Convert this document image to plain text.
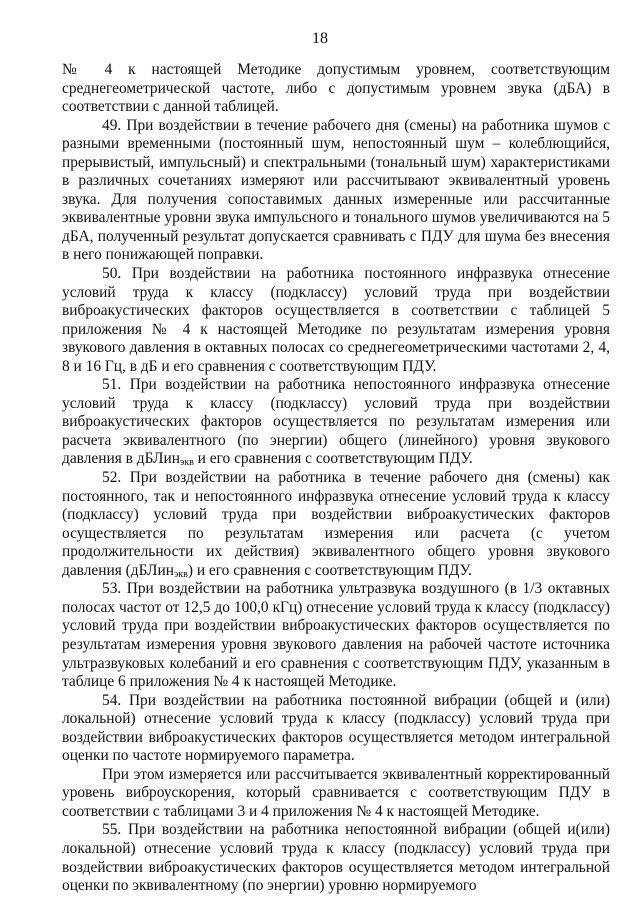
18

№ 4 к настоящей Методике допустимым уровнем, соответствующим среднегеометрической частоте, либо с допустимым уровнем звука (дБА) в соответствии с данной таблицей.

49. При воздействии в течение рабочего дня (смены) на работника шумов с разными временными (постоянный шум, непостоянный шум – колеблющийся, прерывистый, импульсный) и спектральными (тональный шум) характеристиками в различных сочетаниях измеряют или рассчитывают эквивалентный уровень звука. Для получения сопоставимых данных измеренные или рассчитанные эквивалентные уровни звука импульсного и тонального шумов увеличиваются на 5 дБА, полученный результат допускается сравнивать с ПДУ для шума без внесения в него понижающей поправки.

50. При воздействии на работника постоянного инфразвука отнесение условий труда к классу (подклассу) условий труда при воздействии виброакустических факторов осуществляется в соответствии с таблицей 5 приложения № 4 к настоящей Методике по результатам измерения уровня звукового давления в октавных полосах со среднегеометрическими частотами 2, 4, 8 и 16 Гц, в дБ и его сравнения с соответствующим ПДУ.

51. При воздействии на работника непостоянного инфразвука отнесение условий труда к классу (подклассу) условий труда при воздействии виброакустических факторов осуществляется по результатам измерения или расчета эквивалентного (по энергии) общего (линейного) уровня звукового давления в дБЛин$_{экв}$ и его сравнения с соответствующим ПДУ.

52. При воздействии на работника в течение рабочего дня (смены) как постоянного, так и непостоянного инфразвука отнесение условий труда к классу (подклассу) условий труда при воздействии виброакустических факторов осуществляется по результатам измерения или расчета (с учетом продолжительности их действия) эквивалентного общего уровня звукового давления (дБЛин$_{экв}$) и его сравнения с соответствующим ПДУ.

53. При воздействии на работника ультразвука воздушного (в 1/3 октавных полосах частот от 12,5 до 100,0 кГц) отнесение условий труда к классу (подклассу) условий труда при воздействии виброакустических факторов осуществляется по результатам измерения уровня звукового давления на рабочей частоте источника ультразвуковых колебаний и его сравнения с соответствующим ПДУ, указанным в таблице 6 приложения № 4 к настоящей Методике.

54. При воздействии на работника постоянной вибрации (общей и (или) локальной) отнесение условий труда к классу (подклассу) условий труда при воздействии виброакустических факторов осуществляется методом интегральной оценки по частоте нормируемого параметра.

При этом измеряется или рассчитывается эквивалентный корректированный уровень виброускорения, который сравнивается с соответствующим ПДУ в соответствии с таблицами 3 и 4 приложения № 4 к настоящей Методике.

55. При воздействии на работника непостоянной вибрации (общей и(или) локальной) отнесение условий труда к классу (подклассу) условий труда при воздействии виброакустических факторов осуществляется методом интегральной оценки по эквивалентному (по энергии) уровню нормируемого
